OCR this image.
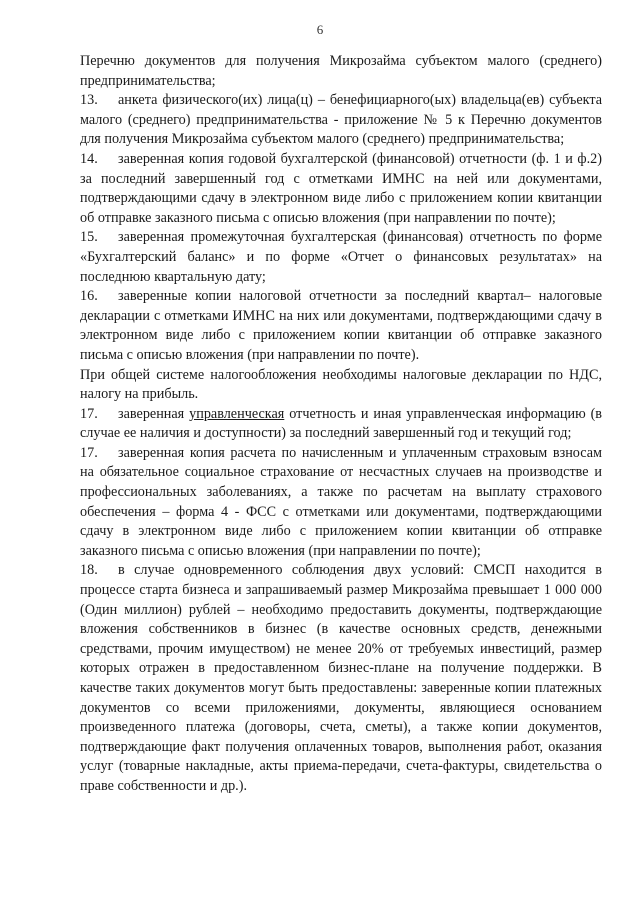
6

Перечню документов для получения Микрозайма субъектом малого (среднего) предпринимательства;

13. анкета физического(их) лица(ц) – бенефициарного(ых) владельца(ев) субъекта малого (среднего) предпринимательства - приложение № 5 к Перечню документов для получения Микрозайма субъектом малого (среднего) предпринимательства;

14. заверенная копия годовой бухгалтерской (финансовой) отчетности (ф. 1 и ф.2) за последний завершенный год с отметками ИМНС на ней или документами, подтверждающими сдачу в электронном виде либо с приложением копии квитанции об отправке заказного письма с описью вложения (при направлении по почте);

15. заверенная промежуточная бухгалтерская (финансовая) отчетность по форме «Бухгалтерский баланс» и по форме «Отчет о финансовых результатах» на последнюю квартальную дату;

16. заверенные копии налоговой отчетности за последний квартал– налоговые декларации с отметками ИМНС на них или документами, подтверждающими сдачу в электронном виде либо с приложением копии квитанции об отправке заказного письма с описью вложения (при направлении по почте).

При общей системе налогообложения необходимы налоговые декларации по НДС, налогу на прибыль.

17. заверенная управленческая отчетность и иная управленческая информацию (в случае ее наличия и доступности) за последний завершенный год и текущий год;

17. заверенная копия расчета по начисленным и уплаченным страховым взносам на обязательное социальное страхование от несчастных случаев на производстве и профессиональных заболеваниях, а также по расчетам на выплату страхового обеспечения – форма 4 - ФСС с отметками или документами, подтверждающими сдачу в электронном виде либо с приложением копии квитанции об отправке заказного письма с описью вложения (при направлении по почте);

18. в случае одновременного соблюдения двух условий: СМСП находится в процессе старта бизнеса и запрашиваемый размер Микрозайма превышает 1 000 000 (Один миллион) рублей – необходимо предоставить документы, подтверждающие вложения собственников в бизнес (в качестве основных средств, денежными средствами, прочим имуществом) не менее 20% от требуемых инвестиций, размер которых отражен в предоставленном бизнес-плане на получение поддержки. В качестве таких документов могут быть предоставлены: заверенные копии платежных документов со всеми приложениями, документы, являющиеся основанием произведенного платежа (договоры, счета, сметы), а также копии документов, подтверждающие факт получения оплаченных товаров, выполнения работ, оказания услуг (товарные накладные, акты приема-передачи, счета-фактуры, свидетельства о праве собственности и др.).
